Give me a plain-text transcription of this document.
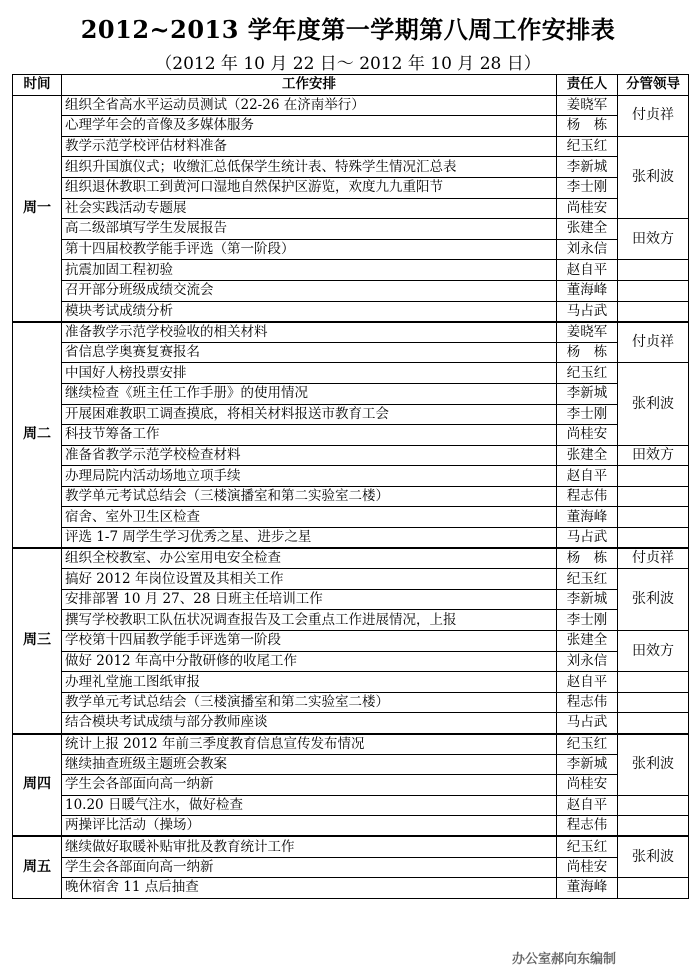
2012~2013 学年度第一学期第八周工作安排表
（2012 年 10 月 22 日～ 2012 年 10 月 28 日）
时间	工作安排	责任人	分管领导
周一	组织全省高水平运动员测试（22-26 在济南举行）	姜晓军	付贞祥
	心理学年会的音像及多媒体服务	杨　栋	
	教学示范学校评估材料准备	纪玉红	张利波
	组织升国旗仪式；收缴汇总低保学生统计表、特殊学生情况汇总表	李新城	
	组织退休教职工到黄河口湿地自然保护区游览，欢度九九重阳节	李士刚	
	社会实践活动专题展	尚桂安	
	高二级部填写学生发展报告	张建全	田效方
	第十四届校教学能手评选（第一阶段）	刘永信	
	抗震加固工程初验	赵自平	
	召开部分班级成绩交流会	董海峰	
	模块考试成绩分析	马占武	
周二	准备教学示范学校验收的相关材料	姜晓军	付贞祥
	省信息学奥赛复赛报名	杨　栋	
	中国好人榜投票安排	纪玉红	张利波
	继续检查《班主任工作手册》的使用情况	李新城	
	开展困难教职工调查摸底，将相关材料报送市教育工会	李士刚	
	科技节筹备工作	尚桂安	
	准备省教学示范学校检查材料	张建全	田效方
	办理局院内活动场地立项手续	赵自平	
	教学单元考试总结会（三楼演播室和第二实验室二楼）	程志伟	
	宿舍、室外卫生区检查	董海峰	
	评选 1-7 周学生学习优秀之星、进步之星	马占武	
周三	组织全校教室、办公室用电安全检查	杨　栋	付贞祥
	搞好 2012 年岗位设置及其相关工作	纪玉红	张利波
	安排部署 10 月 27、28 日班主任培训工作	李新城	
	撰写学校教职工队伍状况调查报告及工会重点工作进展情况，上报	李士刚	
	学校第十四届教学能手评选第一阶段	张建全	田效方
	做好 2012 年高中分散研修的收尾工作	刘永信	
	办理礼堂施工图纸审报	赵自平	
	教学单元考试总结会（三楼演播室和第二实验室二楼）	程志伟	
	结合模块考试成绩与部分教师座谈	马占武	
周四	统计上报 2012 年前三季度教育信息宣传发布情况	纪玉红	张利波
	继续抽查班级主题班会教案	李新城	
	学生会各部面向高一纳新	尚桂安	
	10.20 日暖气注水，做好检查	赵自平	
	两操评比活动（操场）	程志伟	
周五	继续做好取暖补贴审批及教育统计工作	纪玉红	张利波
	学生会各部面向高一纳新	尚桂安	
	晚休宿舍 11 点后抽查	董海峰	
办公室郝向东编制
